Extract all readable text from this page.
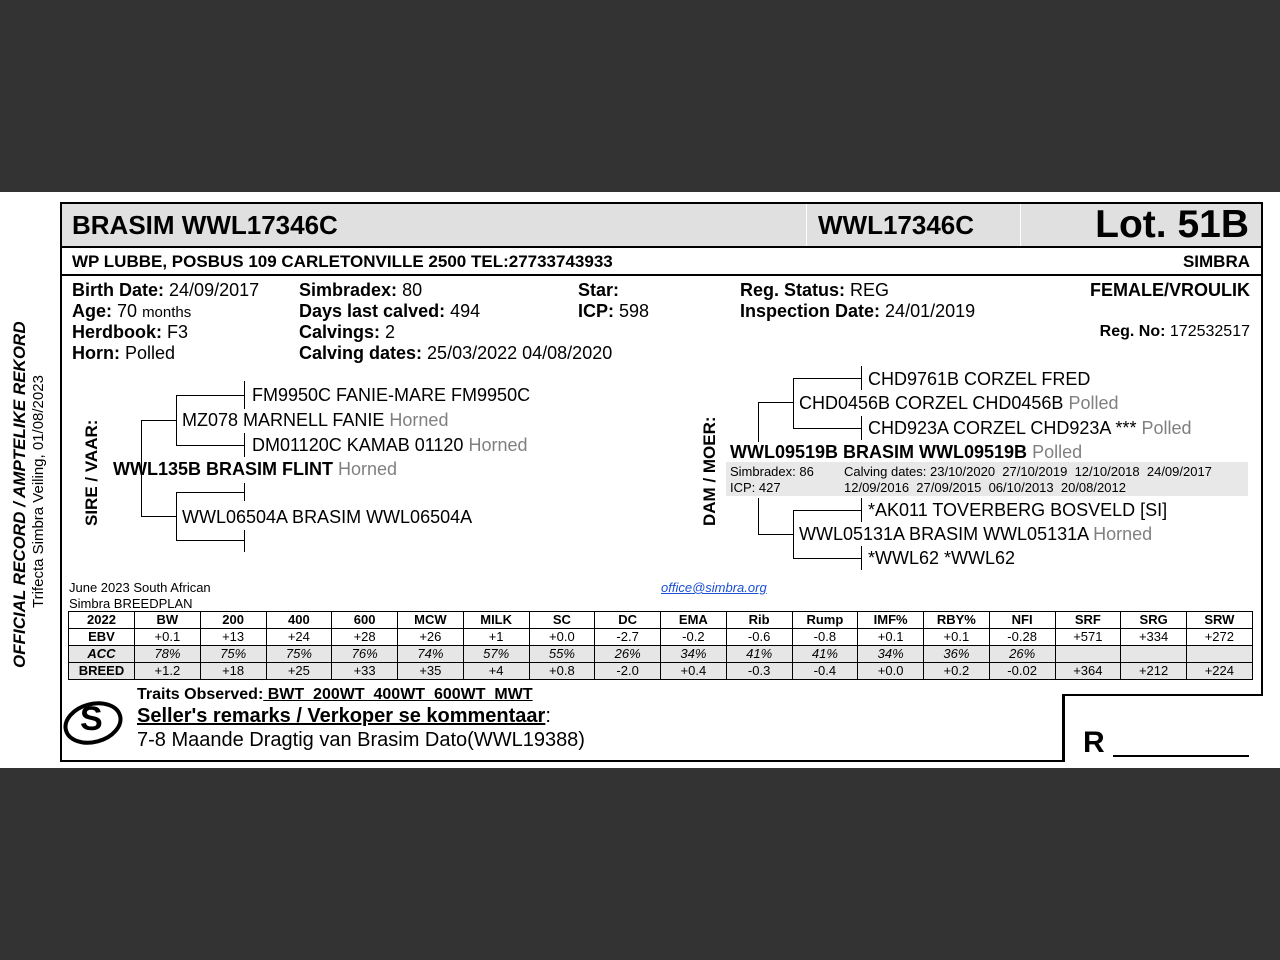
OFFICIAL RECORD / AMPTELIKE REKORD Trifecta Simbra Veiling, 01/08/2023
BRASIM WWL17346C	WWL17346C	Lot. 51B
WP LUBBE, POSBUS 109 CARLETONVILLE 2500 TEL:27733743933	SIMBRA
Birth Date: 24/09/2017
Age: 70 months
Herdbook: F3
Horn: Polled
Simbradex: 80
Days last calved: 494
Calvings: 2
Calving dates: 25/03/2022 04/08/2020
Star:
ICP: 598
Reg. Status: REG
Inspection Date: 24/01/2019
FEMALE/VROULIK
Reg. No: 172532517
SIRE / VAAR:
FM9950C FANIE-MARE FM9950C
MZ078 MARNELL FANIE Horned
DM01120C KAMAB 01120 Horned
WWL135B BRASIM FLINT Horned
WWL06504A BRASIM WWL06504A	DAM / MOER:
CHD9761B CORZEL FRED
CHD0456B CORZEL CHD0456B Polled
CHD923A CORZEL CHD923A *** Polled
WWL09519B BRASIM WWL09519B Polled
Simbradex: 86
ICP: 427
Calving dates: 23/10/2020  27/10/2019  12/10/2018  24/09/2017
12/09/2016  27/09/2015  06/10/2013  20/08/2012
*AK011 TOVERBERG BOSVELD [SI]
WWL05131A BRASIM WWL05131A Horned
*WWL62 *WWL62
June 2023 South African
Simbra BREEDPLAN
office@simbra.org
2022	BW	200	400	600	MCW	MILK	SC	DC	EMA	Rib	Rump	IMF%	RBY%	NFI	SRF	SRG	SRW
EBV	+0.1	+13	+24	+28	+26	+1	+0.0	-2.7	-0.2	-0.6	-0.8	+0.1	+0.1	-0.28	+571	+334	+272
ACC	78%	75%	75%	76%	74%	57%	55%	26%	34%	41%	41%	34%	36%	26%			
BREED	+1.2	+18	+25	+33	+35	+4	+0.8	-2.0	+0.4	-0.3	-0.4	+0.0	+0.2	-0.02	+364	+212	+224
S
Traits Observed: BWT  200WT  400WT  600WT  MWT
Seller's remarks / Verkoper se kommentaar:
7-8 Maande Dragtig van Brasim Dato(WWL19388)	R
